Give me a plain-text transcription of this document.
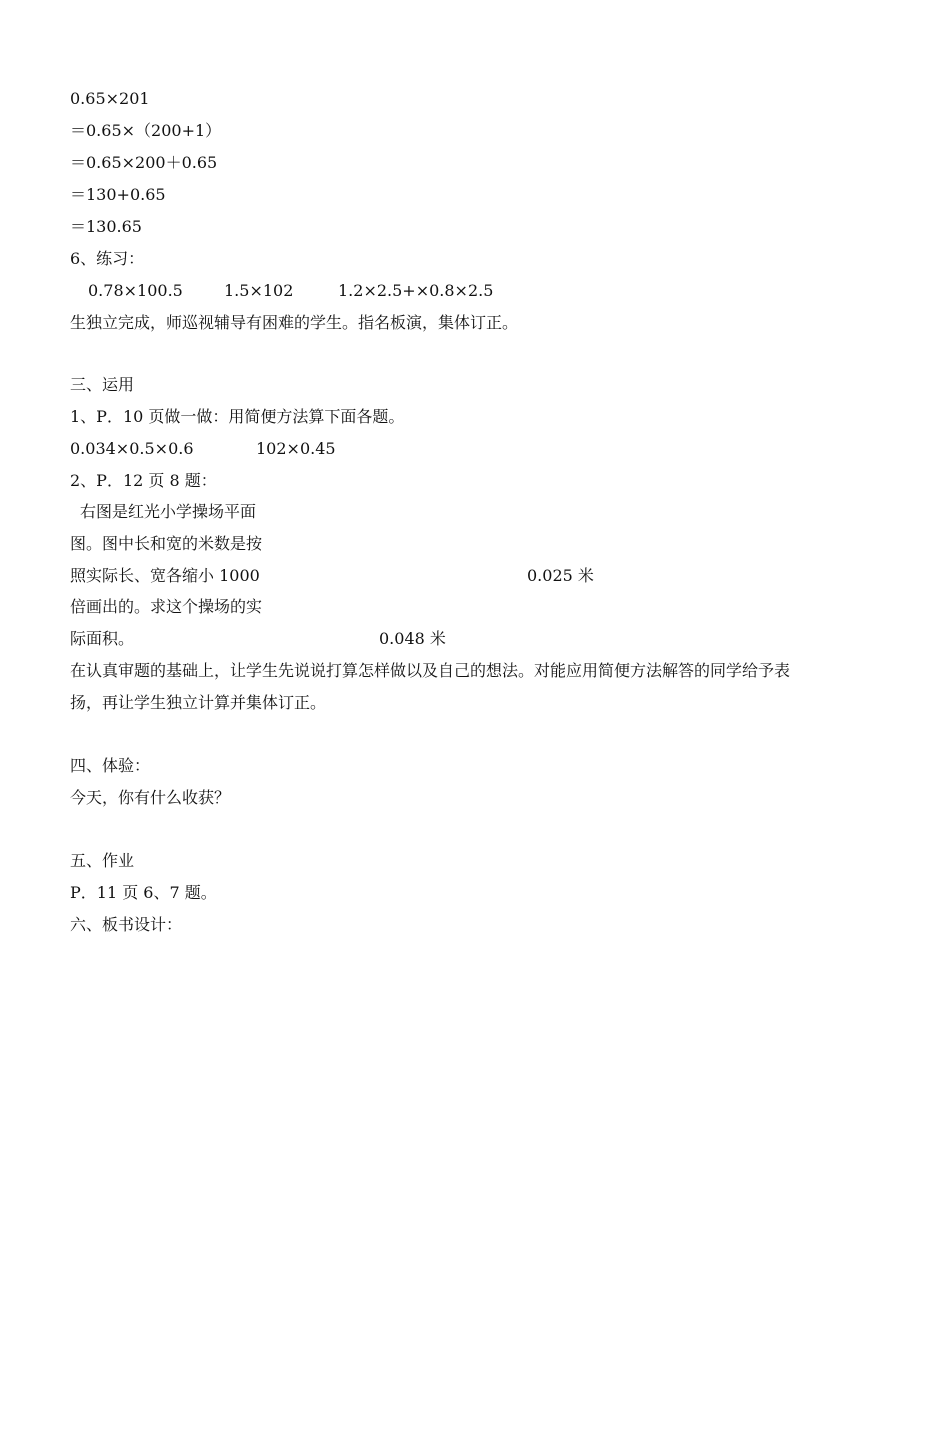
0.65×201
＝0.65×（200+1）
＝0.65×200＋0.65
＝130+0.65
＝130.65
6、练习：
0.78×100.5	1.5×102	1.2×2.5+×0.8×2.5
生独立完成，师巡视辅导有困难的学生。指名板演，集体订正。
三、运用
1、P．10 页做一做：用简便方法算下面各题。
0.034×0.5×0.6	102×0.45
2、P．12 页 8 题：
右图是红光小学操场平面
图。图中长和宽的米数是按
照实际长、宽各缩小 1000
倍画出的。求这个操场的实
际面积。
0.025 米
0.048 米
在认真审题的基础上，让学生先说说打算怎样做以及自己的想法。对能应用简便方法解答的同学给予表
扬，再让学生独立计算并集体订正。
四、体验：
今天，你有什么收获？
五、作业
P．11 页 6、7 题。
六、板书设计：
